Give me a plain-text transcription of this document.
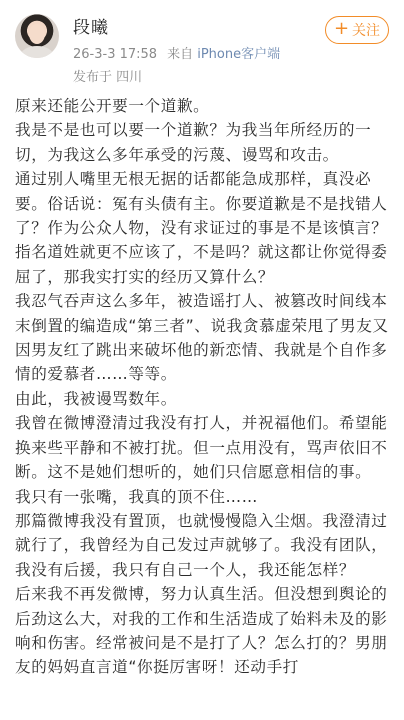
段曦
26-3-3 17:58 来自 iPhone客户端
发布于 四川
+ 关注

原来还能公开要一个道歉。

我是不是也可以要一个道歉？为我当年所经历的一切，为我这么多年承受的污蔑、谩骂和攻击。

通过别人嘴里无根无据的话都能急成那样，真没必要。俗话说：冤有头债有主。你要道歉是不是找错人了？作为公众人物，没有求证过的事是不是该慎言？指名道姓就更不应该了，不是吗？就这都让你觉得委屈了，那我实打实的经历又算什么？

我忍气吞声这么多年，被造谣打人、被篡改时间线本末倒置的编造成“第三者”、说我贪慕虚荣甩了男友又因男友红了跳出来破坏他的新恋情、我就是个自作多情的爱慕者……等等。

由此，我被谩骂数年。

我曾在微博澄清过我没有打人，并祝福他们。希望能换来些平静和不被打扰。但一点用没有，骂声依旧不断。这不是她们想听的，她们只信愿意相信的事。

我只有一张嘴，我真的顶不住……

那篇微博我没有置顶，也就慢慢隐入尘烟。我澄清过就行了，我曾经为自己发过声就够了。我没有团队，我没有后援，我只有自己一个人，我还能怎样？

后来我不再发微博，努力认真生活。但没想到舆论的后劲这么大，对我的工作和生活造成了始料未及的影响和伤害。经常被问是不是打了人？怎么打的？男朋友的妈妈直言道“你挺厉害呀！还动手打
